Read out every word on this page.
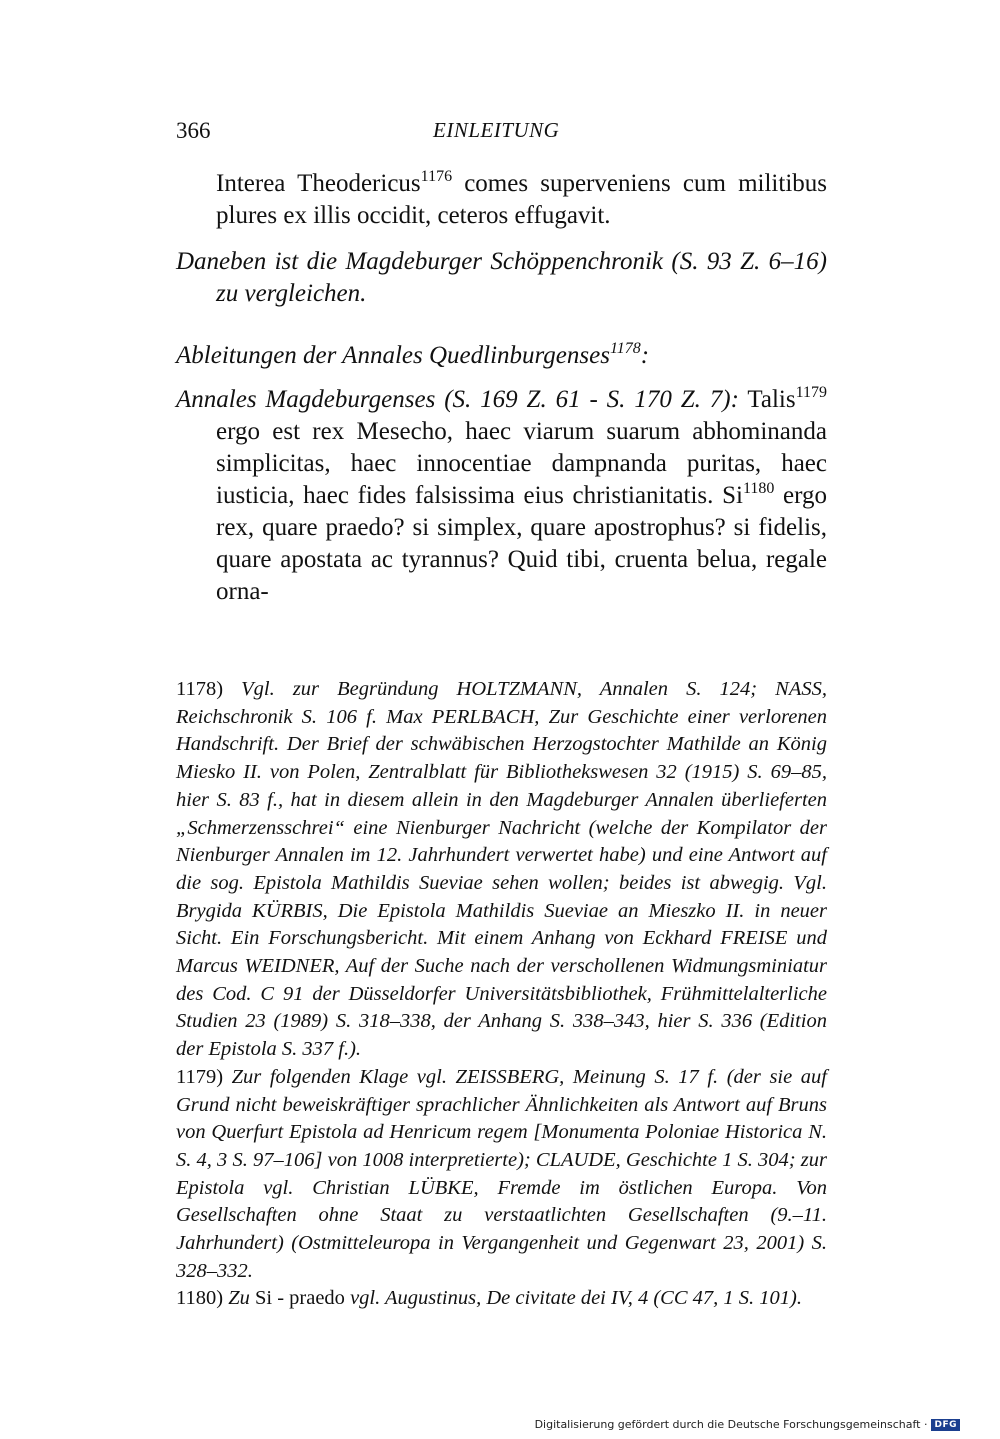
366	EINLEITUNG

Interea Theodericus$^{1176}$ comes superveniens cum militibus plures ex illis occidit, ceteros effugavit.

Daneben ist die Magdeburger Schöppenchronik (S. 93 Z. 6–16) zu vergleichen.

Ableitungen der Annales Quedlinburgenses$^{1178}$:

Annales Magdeburgenses (S. 169 Z. 61 - S. 170 Z. 7): Talis$^{1179}$ ergo est rex Mesecho, haec viarum suarum abhominanda simplicitas, haec innocentiae dampnanda puritas, haec iusticia, haec fides falsissima eius christianitatis. $Si^{1180}$ ergo rex, quare praedo? si simplex, quare apostrophus? si fidelis, quare apostata ac tyrannus? Quid tibi, cruenta belua, regale orna-

1178) Vgl. zur Begründung HOLTZMANN, Annalen S. 124; NASS, Reichschronik S. 106 f. Max PERLBACH, Zur Geschichte einer verlorenen Handschrift. Der Brief der schwäbischen Herzogstochter Mathilde an König Miesko II. von Polen, Zentralblatt für Bibliothekswesen 32 (1915) S. 69–85, hier S. 83 f., hat in diesem allein in den Magdeburger Annalen überlieferten „Schmerzensschrei“ eine Nienburger Nachricht (welche der Kompilator der Nienburger Annalen im 12. Jahrhundert verwertet habe) und eine Antwort auf die sog. Epistola Mathildis Sueviae sehen wollen; beides ist abwegig. Vgl. Brygida KÜRBIS, Die Epistola Mathildis Sueviae an Mieszko II. in neuer Sicht. Ein Forschungsbericht. Mit einem Anhang von Eckhard FREISE und Marcus WEIDNER, Auf der Suche nach der verschollenen Widmungsminiatur des Cod. C 91 der Düsseldorfer Universitätsbibliothek, Frühmittelalterliche Studien 23 (1989) S. 318–338, der Anhang S. 338–343, hier S. 336 (Edition der Epistola S. 337 f.).

1179) Zur folgenden Klage vgl. ZEISSBERG, Meinung S. 17 f. (der sie auf Grund nicht beweiskräftiger sprachlicher Ähnlichkeiten als Antwort auf Bruns von Querfurt Epistola ad Henricum regem [Monumenta Poloniae Historica N. S. 4, 3 S. 97–106] von 1008 interpretierte); CLAUDE, Geschichte 1 S. 304; zur Epistola vgl. Christian LÜBKE, Fremde im östlichen Europa. Von Gesellschaften ohne Staat zu verstaatlichten Gesellschaften (9.–11. Jahrhundert) (Ostmitteleuropa in Vergangenheit und Gegenwart 23, 2001) S. 328–332.

1180) Zu Si - praedo vgl. Augustinus, De civitate dei IV, 4 (CC 47, 1 S. 101).

Digitalisierung gefördert durch die Deutsche Forschungsgemeinschaft · DFG
